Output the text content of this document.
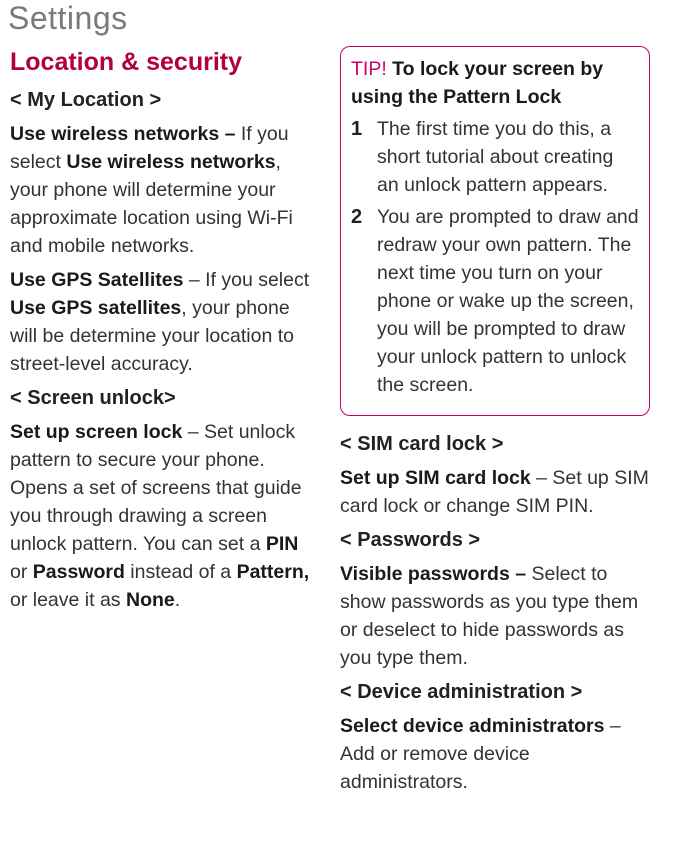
Settings
Location & security
< My Location >
Use wireless networks – If you select Use wireless networks, your phone will determine your approximate location using Wi-Fi and mobile networks.
Use GPS Satellites – If you select Use GPS satellites, your phone will be determine your location to street-level accuracy.
< Screen unlock>
Set up screen lock – Set unlock pattern to secure your phone. Opens a set of screens that guide you through drawing a screen unlock pattern. You can set a PIN or Password instead of a Pattern, or leave it as None.
TIP! To lock your screen by using the Pattern Lock
1 The first time you do this, a short tutorial about creating an unlock pattern appears.
2 You are prompted to draw and redraw your own pattern. The next time you turn on your phone or wake up the screen, you will be prompted to draw your unlock pattern to unlock the screen.
< SIM card lock >
Set up SIM card lock – Set up SIM card lock or change SIM PIN.
< Passwords >
Visible passwords – Select to show passwords as you type them or deselect to hide passwords as you type them.
< Device administration >
Select device administrators – Add or remove device administrators.
